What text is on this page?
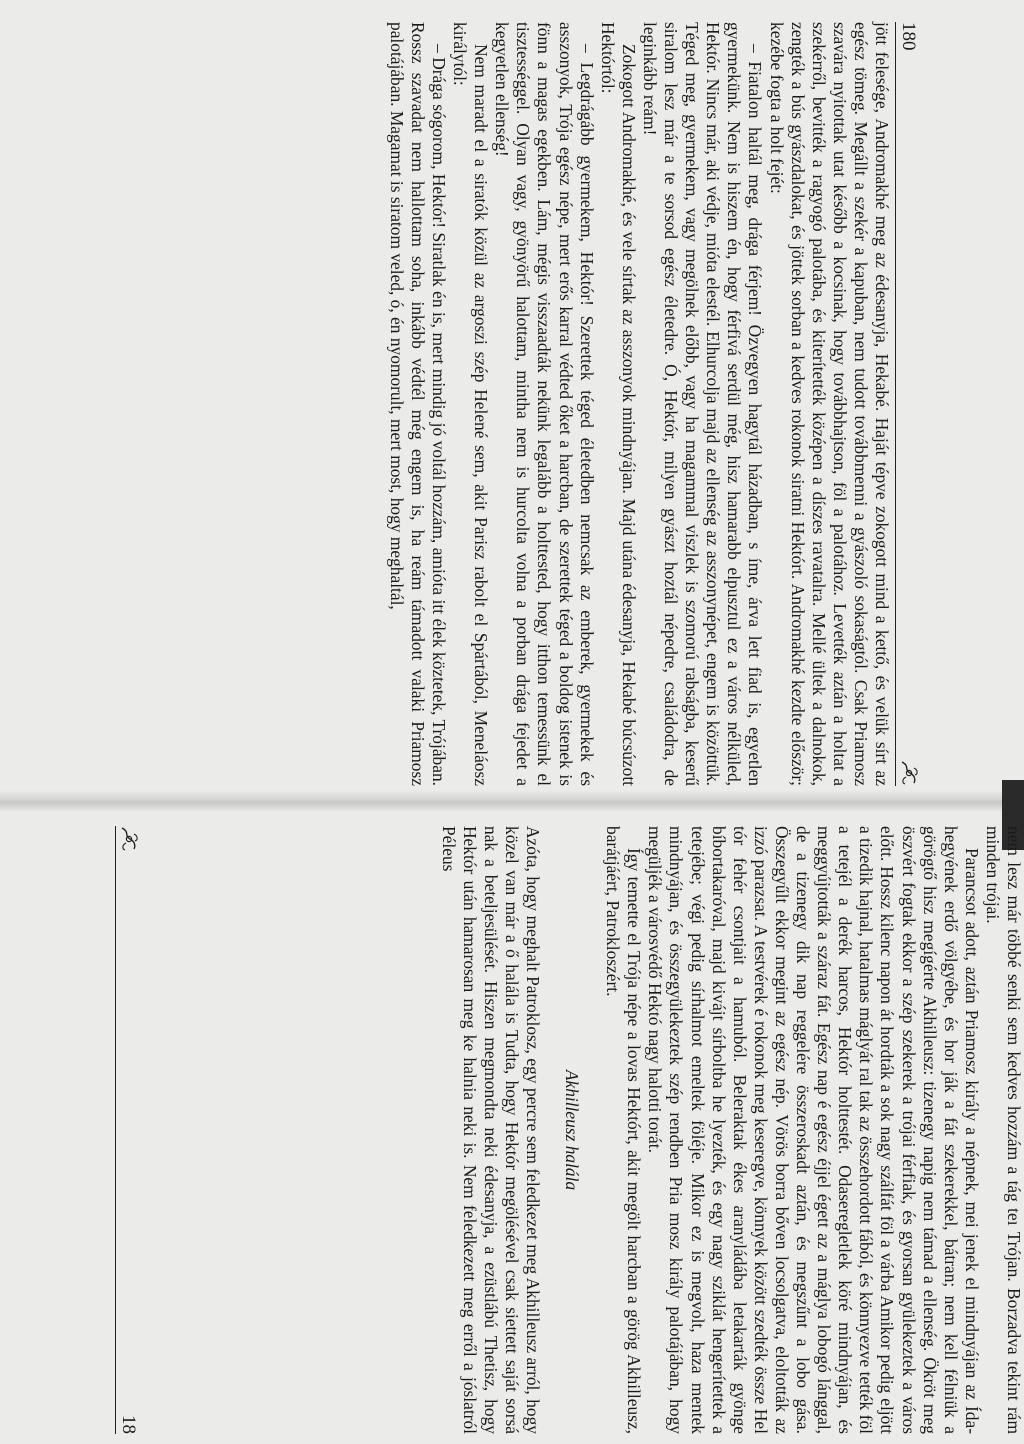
180

jött felesége, Andromakhé meg az édesanyja, Hekabé. Haját tépve zokogott mind a kettő, és velük sírt az egész tömeg. Megállt a szekér a kapuban, nem tudott továbbmenni a gyászoló sokaságtól. Csak Priamosz szavára nyitottak utat később a kocsinak, hogy továbbhajtson, föl a palotához. Levették aztán a holtat a szekérről, bevitték a ragyogó palotába, és kiterítették középen a díszes ravatalra. Mellé ültek a dalnokok, zengték a bús gyászdalokat, és jöttek sorban a kedves rokonok siratni Hektórt. Andromakhé kezdte először; kezébe fogta a holt fejét:

– Fiatalon haltál meg, drága férjem! Özvegyen hagytál házadban, s íme, árva lett fiad is, egyetlen gyermekünk. Nem is hiszem én, hogy férfivá serdül még, hisz hamarabb elpusztul ez a város nélküled, Hektór. Nincs már, aki védje, mióta elestél. Elhurcolja majd az ellenség az asszonynépet, engem is közöttük. Téged meg, gyermekem, vagy megölnek előbb, vagy ha magammal viszlek is szomorú rabságba, keserű siralom lesz már a te sorsod egész életedre. Ó, Hektór, milyen gyászt hoztál népedre, családodra, de leginkább reám!

Zokogott Andromakhé, és vele sírtak az asszonyok mindnyájan. Majd utána édesanyja, Hekabé búcsúzott Hektórtól:

– Legdrágább gyermekem, Hektór! Szerettek téged életedben nemcsak az emberek, gyermekek és asszonyok, Trója egész népe, mert erős karral védted őket a harcban, de szerettek téged a boldog istenek is fönn a magas egekben. Lám, mégis visszaadták nekünk legalább a holttested, hogy itthon temessünk el tisztességgel. Olyan vagy, gyönyörű halottam, mintha nem is hurcolta volna a porban drága fejedet a kegyetlen ellenség!

Nem maradt el a siratók közül az argoszi szép Helené sem, akit Parisz rabolt el Spártából, Meneláosz királytól:

– Drága sógorom, Hektór! Siratlak én is, mert mindig jó voltál hozzám, amióta itt élek köztetek, Trójában. Rossz szavadat nem hallottam soha, inkább védtél még engem is, ha reám támadott valaki Priamosz palotájában. Magamat is siratom veled, ó, én nyomorult, mert most, hogy meghaltál,

nem lesz már többé senki sem kedves hozzám a tág teı Trójan. Borzadva tekint rám minden trójai.

Parancsot adott, aztán Priamosz király a népnek, mei jenek el mindnyájan az Ída-hegyének erdő völgyébe, és hor ják a fát szekerekkel, bátran; nem kell félniük a görögtő hisz megígérte Akhilleusz: tizenegy napig nem támad a ellenség. Ökröt meg öszvért fogtak ekkor a szép szekerek a trójai férfiak, és gyorsan gyülekeztek a város előtt. Hossz kilenc napon át hordták a sok nagy szálfát föl a várba Amikor pedig eljött a tizedik hajnal, hatalmas máglyát ral tak az összehordott fából, és könnyezve tették föl a tetejél a derék harcos, Hektór holttestét. Odaseregletlek köré mindnyájan, és meggyújtották a száraz fát. Egész nap é egész éjjel égett az a máglya lobogó lánggal, de a tizenegy dik nap reggelére összeroskadt aztán, és megszűnt a lobo gása. Összegyűlt ekkor megint az egész nép. Vörös borra bőven locsolgatva, eloltották az izzó parazsat. A testvérek é rokonok meg keseregve, könnyek között szedték össze Hel tór fehér csontjait a hamuból. Beleraktak ékes aranyládába letakarták gyönge bíbortakaróval, majd kivájt sírboltba he lyezték, és egy nagy sziklát hengerítettek a tetejébe; végi pedig sírhalmot emeltek föléje. Mikor ez is megvolt, haza mentek mindnyájan, és összegyülekeztek szép rendben Pria mosz király palotájában, hogy megüljék a városvédő Hektó nagy halotti torát.

Így temette el Trója népe a lovas Hektórt, akit megölt harcban a görög Akhilleusz, barátjáért, Patrokloszért.

Akhilleusz halála

Azóta, hogy meghalt Patroklosz, egy percre sem feledkezet meg Akhilleusz arról, hogy közel van már a ő halála is Tudta, hogy Hektór megölésével csak siettett saját sorsá nak a beteljesülését. Hiszen megmondta neki édesanyja, a ezüstlábú Thetisz, hogy Hektór után hamarosan meg ke halnia neki is. Nem feledkezett meg erről a jóslatról Péleus

18
